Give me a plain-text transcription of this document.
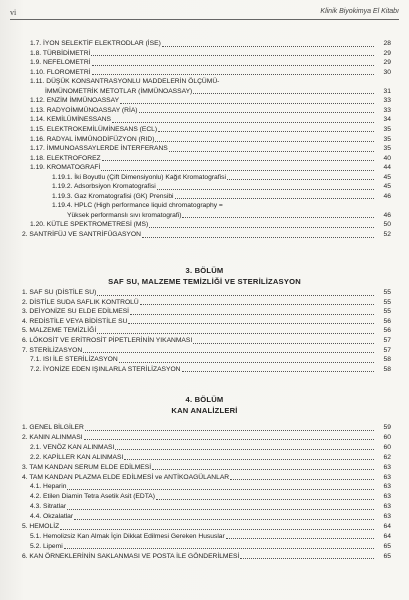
vi	Klinik Biyokimya El Kitabı
1.7. İYON SELEKTİF ELEKTRODLAR (İSE)	28
1.8. TÜRBİDİMETRİ	29
1.9. NEFELOMETRİ	29
1.10. FLOROMETRİ	30
1.11. DÜŞÜK KONSANTRASYONLU MADDELERİN ÖLÇÜMÜ-
İMMÜNOMETRİK METOTLAR (İMMÜNOASSAY)	31
1.12. ENZİM İMMÜNOASSAY	33
1.13. RADYOİMMÜNOASSAY (RİA)	33
1.14. KEMİLÜMİNESSANS	34
1.15. ELEKTROKEMİLÜMİNESANS (ECL)	35
1.16. RADYAL İMMÜNODİFÜZYON (RID)	35
1.17. İMMUNOASSAYLERDE İNTERFERANS	35
1.18. ELEKTROFOREZ	40
1.19. KROMATOGRAFİ	44
1.19.1. İki Boyutlu (Çift Dimensiyonlu) Kağıt Kromatografisi	45
1.19.2. Adsorbsiyon Kromatografisi	45
1.19.3. Gaz Kromatografisi (GK) Prensibi	46
1.19.4. HPLC (High performance liquid chromatography =
Yüksek performanslı sıvı kromatografi)	46
1.20. KÜTLE SPEKTROMETRESİ (MS)	50
2. SANTRİFÜJ VE SANTRİFÜGASYON	52
1. SAF SU (DİSTİLE SU)	55
2. DİSTİLE SUDA SAFLIK KONTROLÜ	55
3. DEİYONİZE SU ELDE EDİLMESİ	55
4. REDİSTİLE VEYA BİDİSTİLE SU	56
5. MALZEME TEMİZLİĞİ	56
6. LÖKOSİT VE ERİTROSİT PİPETLERİNİN YIKANMASI	57
7. STERİLİZASYON	57
7.1. ISI İLE STERİLİZASYON	58
7.2. İYONİZE EDEN IŞINLARLA STERİLİZASYON	58
1. GENEL BİLGİLER	59
2. KANIN ALINMASI	60
2.1. VENÖZ KAN ALINMASI	60
2.2. KAPİLLER KAN ALINMASI	62
3. TAM KANDAN SERUM ELDE EDİLMESİ	63
4. TAM KANDAN PLAZMA ELDE EDİLMESİ ve ANTİKOAGÜLANLAR	63
4.1. Heparin	63
4.2. Etilen Diamin Tetra Asetik Asit (EDTA)	63
4.3. Sitratlar	63
4.4. Okzalatlar	63
5. HEMOLİZ	64
5.1. Hemolizsiz Kan Almak İçin Dikkat Edilmesi Gereken Hususlar	64
5.2. Lipemi	65
6. KAN ÖRNEKLERİNİN SAKLANMASI VE POSTA İLE GÖNDERİLMESİ	65
3. BÖLÜM
SAF SU, MALZEME TEMİZLİĞİ VE STERİLİZASYON
4. BÖLÜM
KAN ANALİZLERİ
